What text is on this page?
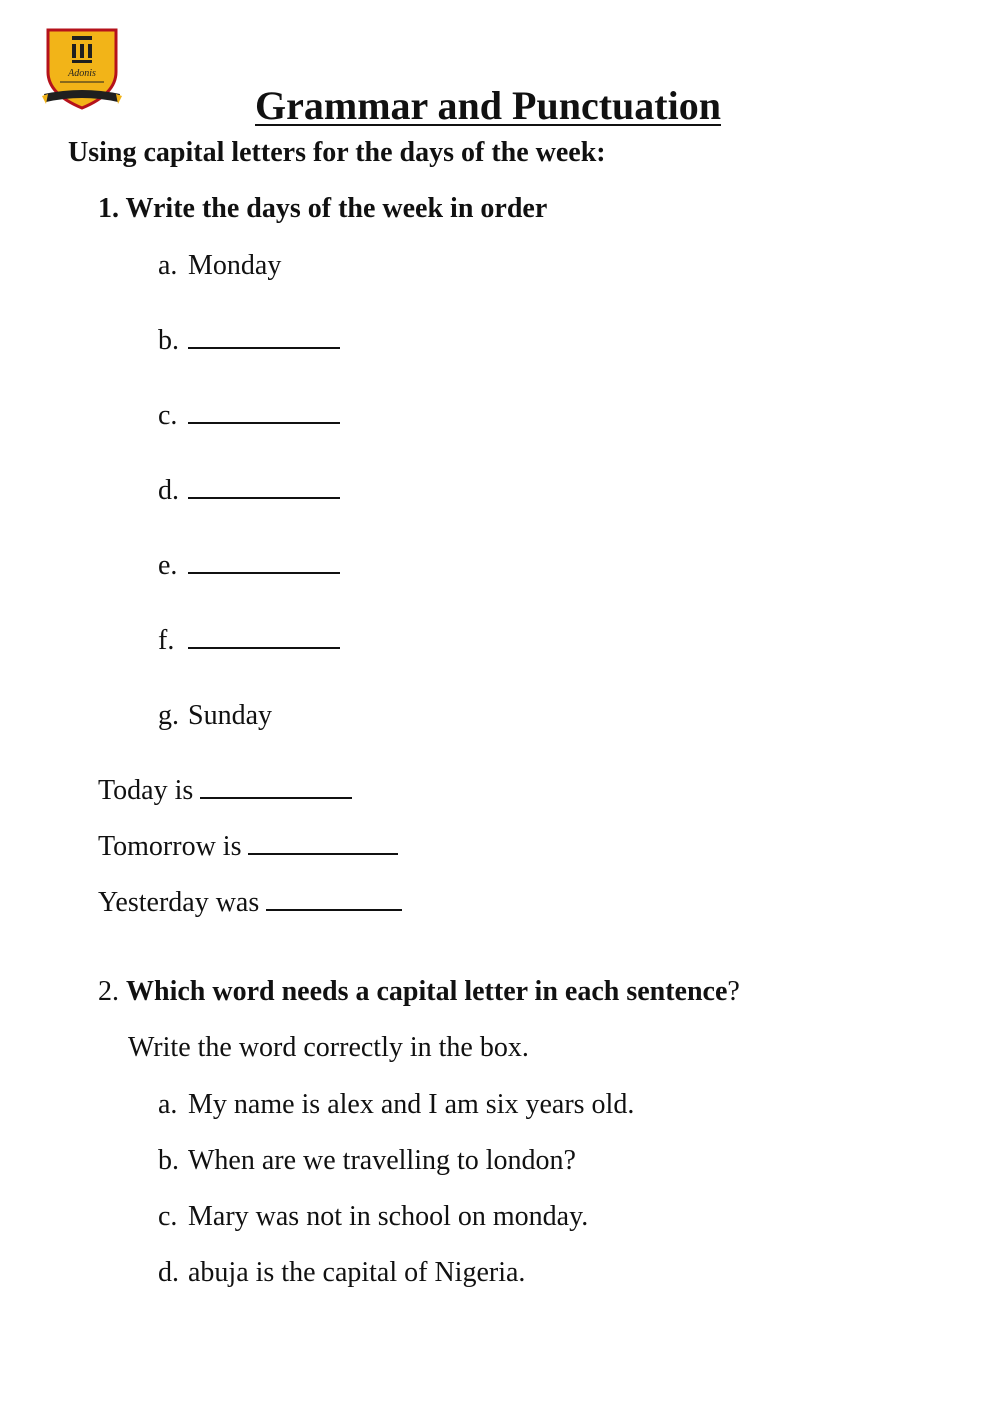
Adonis
Grammar and Punctuation
Using capital letters for the days of the week:
1. Write the days of the week in order
a. Monday
b.
c.
d.
e.
f.
g. Sunday
Today is
Tomorrow is
Yesterday was
2. Which word needs a capital letter in each sentence?
Write the word correctly in the box.
a. My name is alex and I am six years old.
b. When are we travelling to london?
c. Mary was not in school on monday.
d. abuja is the capital of Nigeria.
